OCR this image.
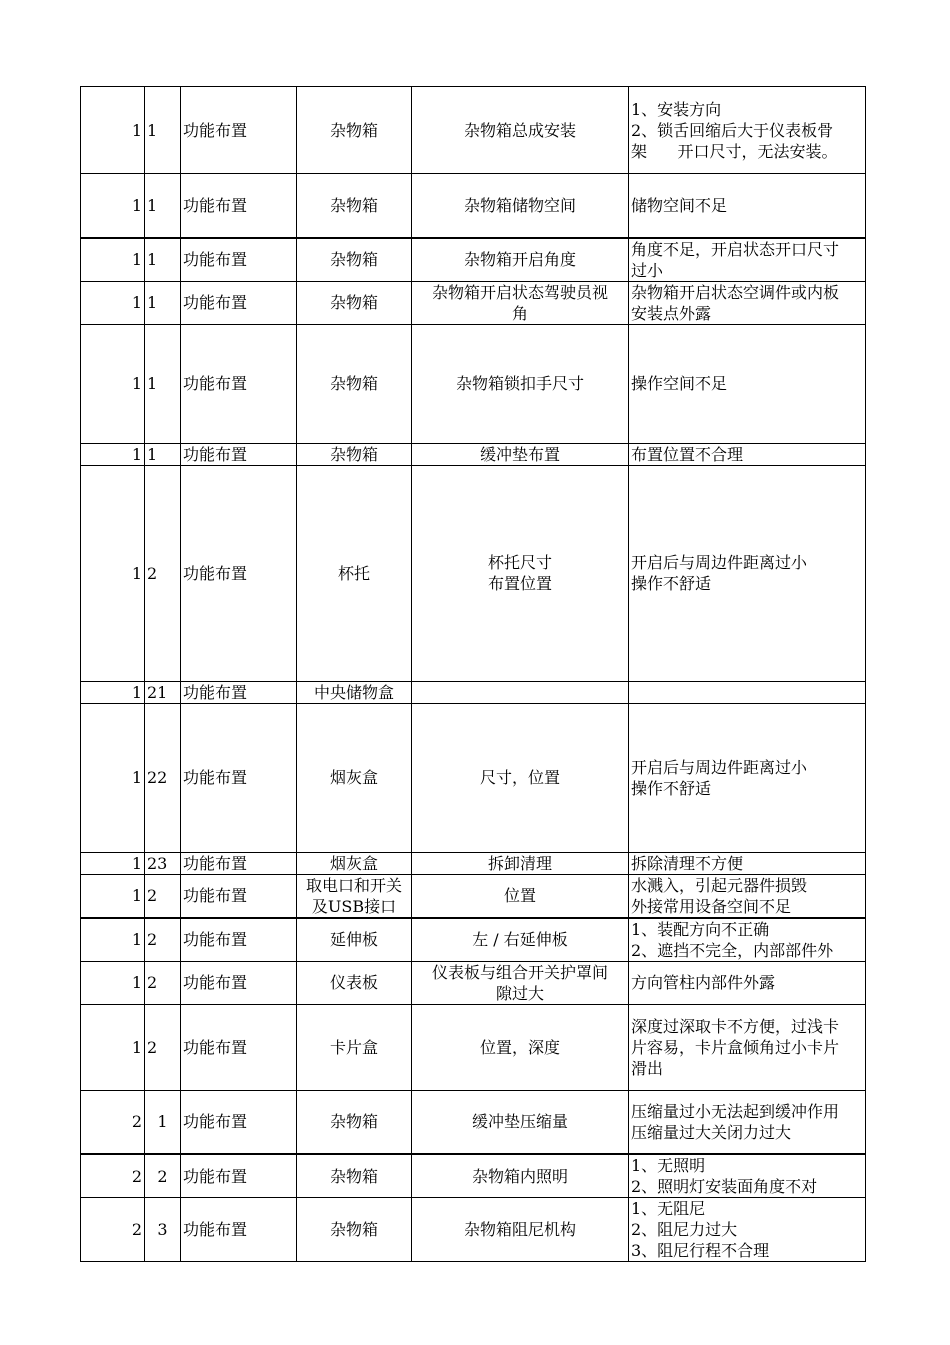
1	1	功能布置	杂物箱	杂物箱总成安装	1、安装方向
2、锁舌回缩后大于仪表板骨
架      开口尺寸，无法安装。

1	1	功能布置	杂物箱	杂物箱储物空间	储物空间不足

1	1	功能布置	杂物箱	杂物箱开启角度	角度不足，开启状态开口尺寸
过小

1	1	功能布置	杂物箱	杂物箱开启状态驾驶员视
角	杂物箱开启状态空调件或内板
安装点外露

1	1	功能布置	杂物箱	杂物箱锁扣手尺寸	操作空间不足

1	1	功能布置	杂物箱	缓冲垫布置	布置位置不合理

1	2	功能布置	杯托	杯托尺寸
布置位置	开启后与周边件距离过小
操作不舒适

1	21	功能布置	中央储物盒		

1	22	功能布置	烟灰盒	尺寸，位置	开启后与周边件距离过小
操作不舒适

1	23	功能布置	烟灰盒	拆卸清理	拆除清理不方便

1	2	功能布置	取电口和开关
及USB接口	位置	水溅入，引起元器件损毁
外接常用设备空间不足

1	2	功能布置	延伸板	左 / 右延伸板	1、装配方向不正确
2、遮挡不完全，内部部件外

1	2	功能布置	仪表板	仪表板与组合开关护罩间
隙过大	方向管柱内部件外露

1	2	功能布置	卡片盒	位置，深度	深度过深取卡不方便，过浅卡
片容易，卡片盒倾角过小卡片
滑出

2	1	功能布置	杂物箱	缓冲垫压缩量	压缩量过小无法起到缓冲作用
压缩量过大关闭力过大

2	2	功能布置	杂物箱	杂物箱内照明	1、无照明
2、照明灯安装面角度不对

2	3	功能布置	杂物箱	杂物箱阻尼机构	1、无阻尼
2、阻尼力过大
3、阻尼行程不合理
